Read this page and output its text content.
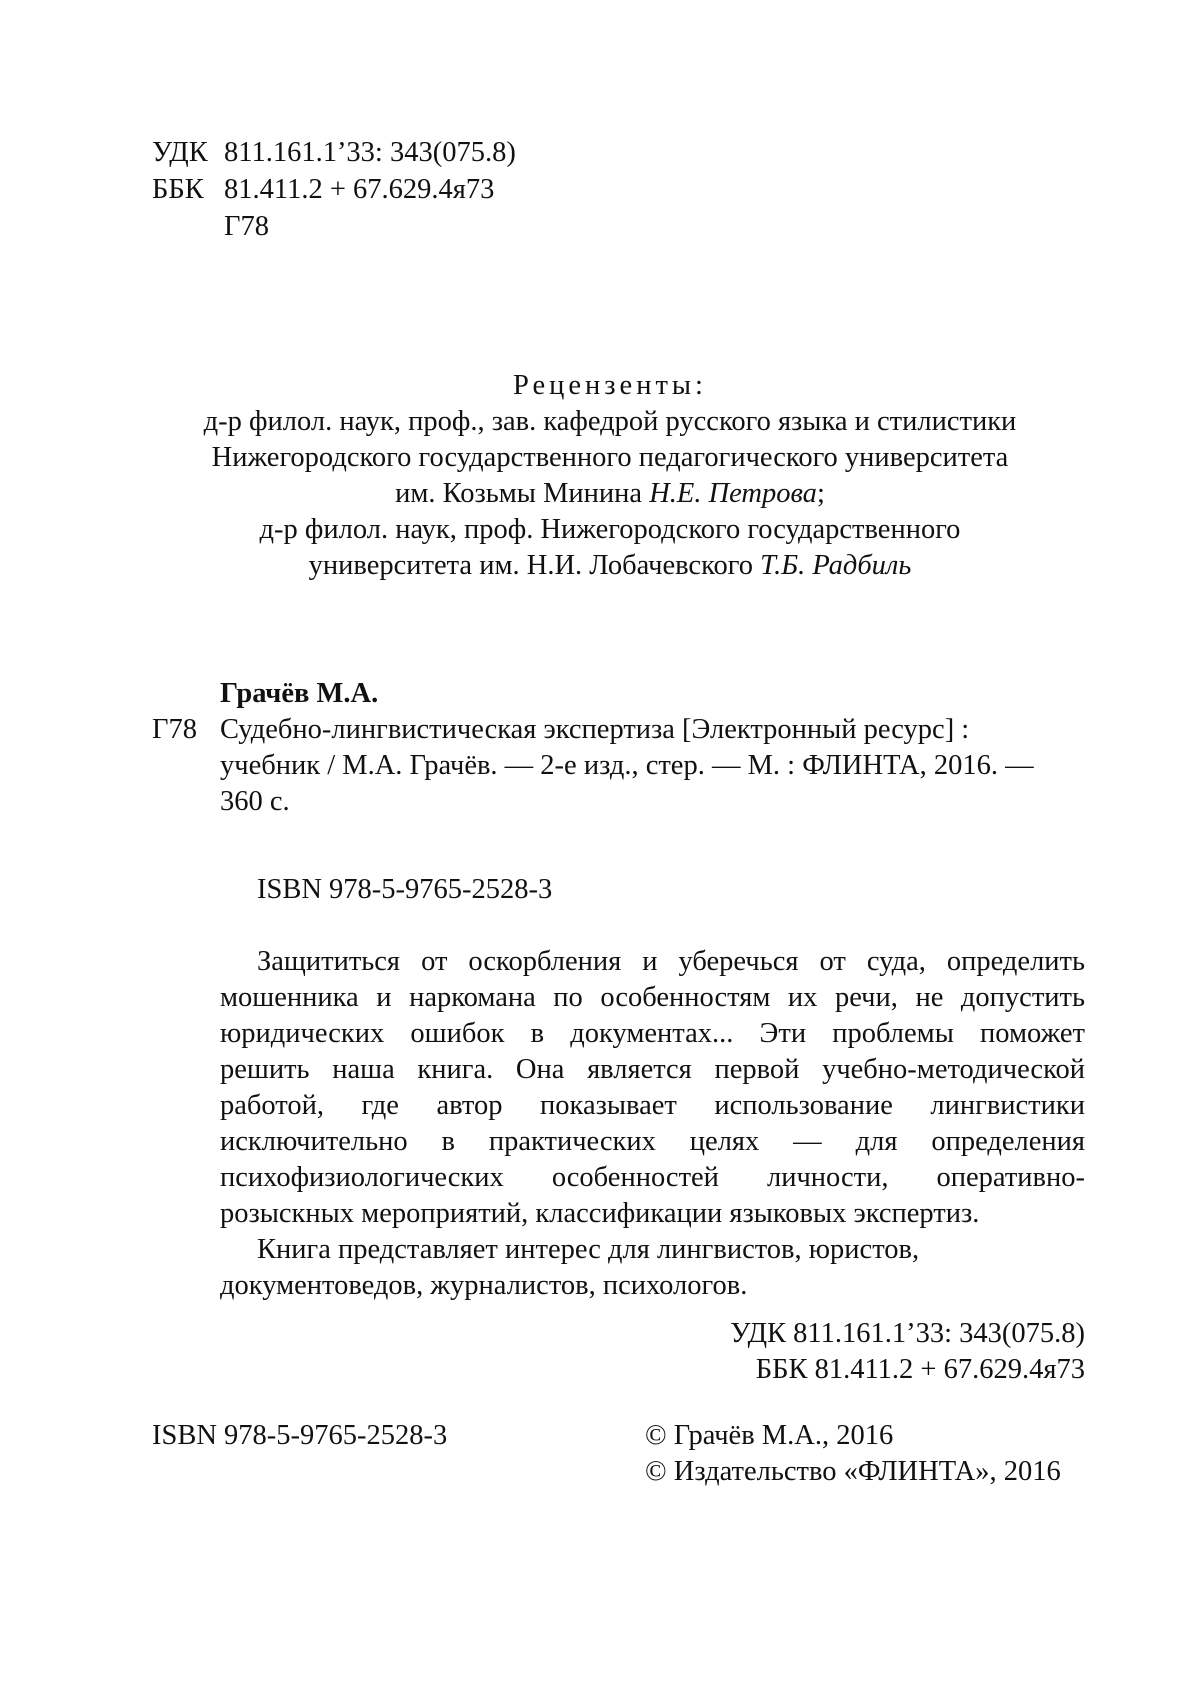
УДК 811.161.1’33: 343(075.8)
ББК 81.411.2 + 67.629.4я73
Г78
Рецензенты:
д-р филол. наук, проф., зав. кафедрой русского языка и стилистики
Нижегородского государственного педагогического университета
им. Козьмы Минина Н.Е. Петрова;
д-р филол. наук, проф. Нижегородского государственного
университета им. Н.И. Лобачевского Т.Б. Радбиль
Грачёв М.А.
Г78 Судебно-лингвистическая экспертиза [Электронный ресурс] :
учебник / М.А. Грачёв. — 2-е изд., стер. — М. : ФЛИНТА, 2016. —
360 с.
ISBN 978-5-9765-2528-3

Защититься от оскорбления и уберечься от суда, определить
мошенника и наркомана по особенностям их речи, не допустить
юридических ошибок в документах... Эти проблемы поможет
решить наша книга. Она является первой учебно-методической
работой, где автор показывает использование лингвистики
исключительно в практических целях — для определения
психофизиологических особенностей личности, оперативно-
розыскных мероприятий, классификации языковых экспертиз.

Книга представляет интерес для лингвистов, юристов,
документоведов, журналистов, психологов.

УДК 811.161.1’33: 343(075.8)
ББК 81.411.2 + 67.629.4я73
ISBN 978-5-9765-2528-3	© Грачёв М.А., 2016
© Издательство «ФЛИНТА», 2016
